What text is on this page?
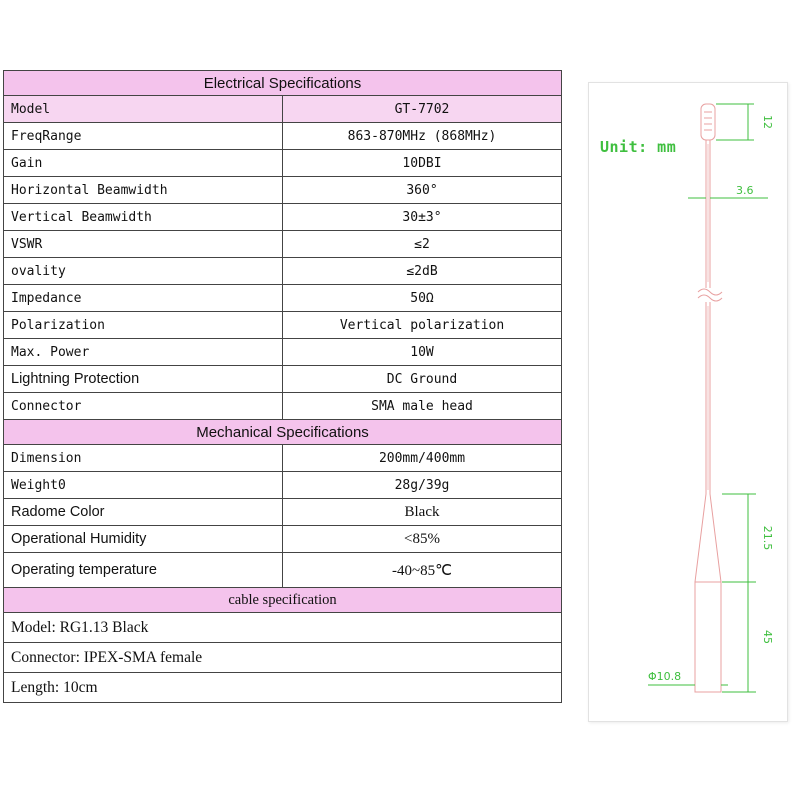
Electrical Specifications	
Model	GT-7702
FreqRange	863-870MHz (868MHz)
Gain	10DBI
Horizontal Beamwidth	360°
Vertical Beamwidth	30±3°
VSWR	≤2
ovality	≤2dB
Impedance	50Ω
Polarization	Vertical polarization
Max. Power	10W
Lightning Protection	DC Ground
Connector	SMA male head
Mechanical Specifications	
Dimension	200mm/400mm
Weight0	28g/39g
Radome Color	Black
Operational Humidity	<85%
Operating temperature	-40~85℃
cable specification	
Model: RG1.13 Black	
Connector: IPEX-SMA female	
Length: 10cm	
Unit: mm
12
3.6
21.5
45
Φ10.8
